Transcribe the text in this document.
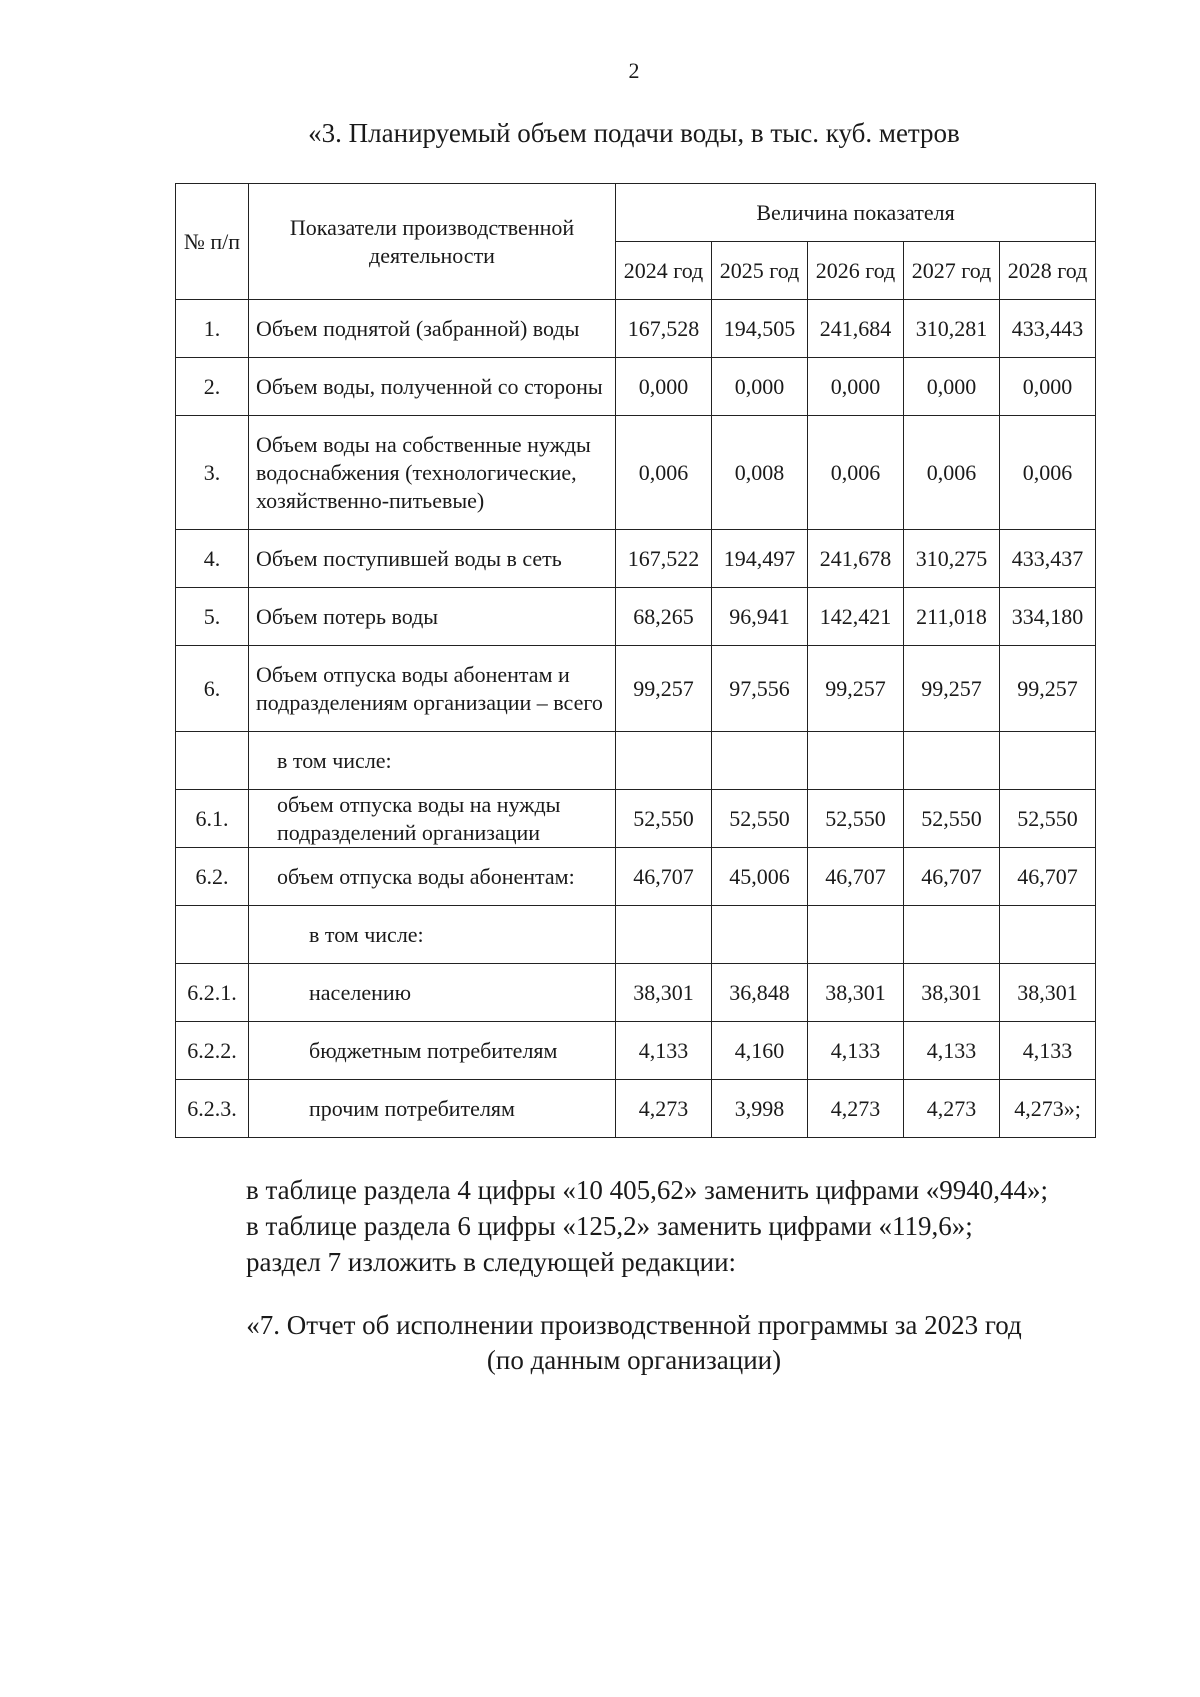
2
«3. Планируемый объем подачи воды, в тыс. куб. метров
№ п/п	Показатели производственной деятельности	Величина показателя				
		2024 год	2025 год	2026 год	2027 год	2028 год
1.	Объем поднятой (забранной) воды	167,528	194,505	241,684	310,281	433,443
2.	Объем воды, полученной со стороны	0,000	0,000	0,000	0,000	0,000
3.	Объем воды на собственные нужды водоснабжения (технологические, хозяйственно-питьевые)	0,006	0,008	0,006	0,006	0,006
4.	Объем поступившей воды в сеть	167,522	194,497	241,678	310,275	433,437
5.	Объем потерь воды	68,265	96,941	142,421	211,018	334,180
6.	Объем отпуска воды абонентам и подразделениям организации – всего	99,257	97,556	99,257	99,257	99,257
	в том числе:					
6.1.	объем отпуска воды на нужды подразделений организации	52,550	52,550	52,550	52,550	52,550
6.2.	объем отпуска воды абонентам:	46,707	45,006	46,707	46,707	46,707
	в том числе:					
6.2.1.	населению	38,301	36,848	38,301	38,301	38,301
6.2.2.	бюджетным потребителям	4,133	4,160	4,133	4,133	4,133
6.2.3.	прочим потребителям	4,273	3,998	4,273	4,273	4,273»;
в таблице раздела 4 цифры «10 405,62» заменить цифрами «9940,44»;
в таблице раздела 6 цифры «125,2» заменить цифрами «119,6»;
раздел 7 изложить в следующей редакции:
«7. Отчет об исполнении производственной программы за 2023 год
(по данным организации)
